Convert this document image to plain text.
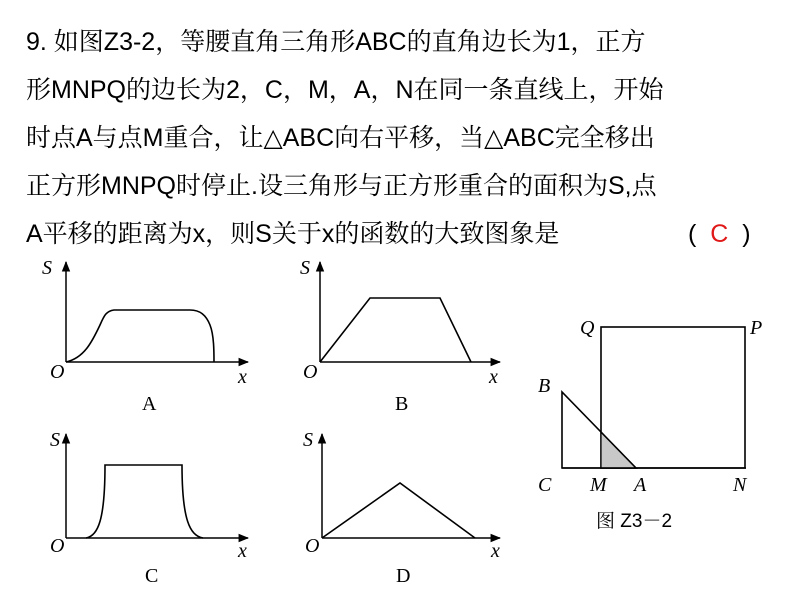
9. 如图Z3-2，等腰直角三角形ABC的直角边长为1，正方
形MNPQ的边长为2，C，M，A，N在同一条直线上，开始
时点A与点M重合，让△ABC向右平移，当△ABC完全移出
正方形MNPQ时停止.设三角形与正方形重合的面积为S,点
A平移的距离为x，则S关于x的函数的大致图象是	( C )
S
x
O
A
S
x
O
B
S
x
O
C
S
x
O
D
B
C M A	N
Q	P
图 Z3－2
